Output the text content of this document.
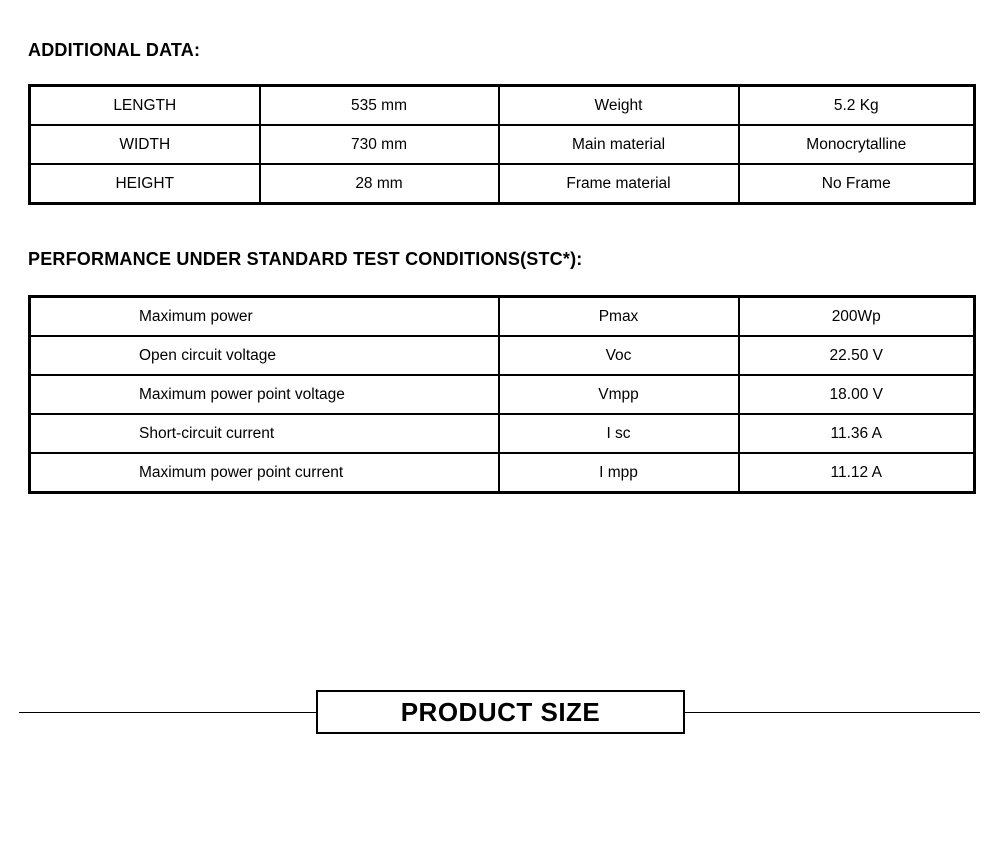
ADDITIONAL DATA:
LENGTH	535 mm	Weight	5.2 Kg
WIDTH	730 mm	Main material	Monocrytalline
HEIGHT	28 mm	Frame material	No Frame
PERFORMANCE UNDER STANDARD TEST CONDITIONS(STC*):
Maximum power	Pmax	200Wp
Open circuit voltage	Voc	22.50 V
Maximum power point voltage	Vmpp	18.00 V
Short-circuit current	I sc	11.36 A
Maximum power point current	I mpp	11.12 A
PRODUCT SIZE
